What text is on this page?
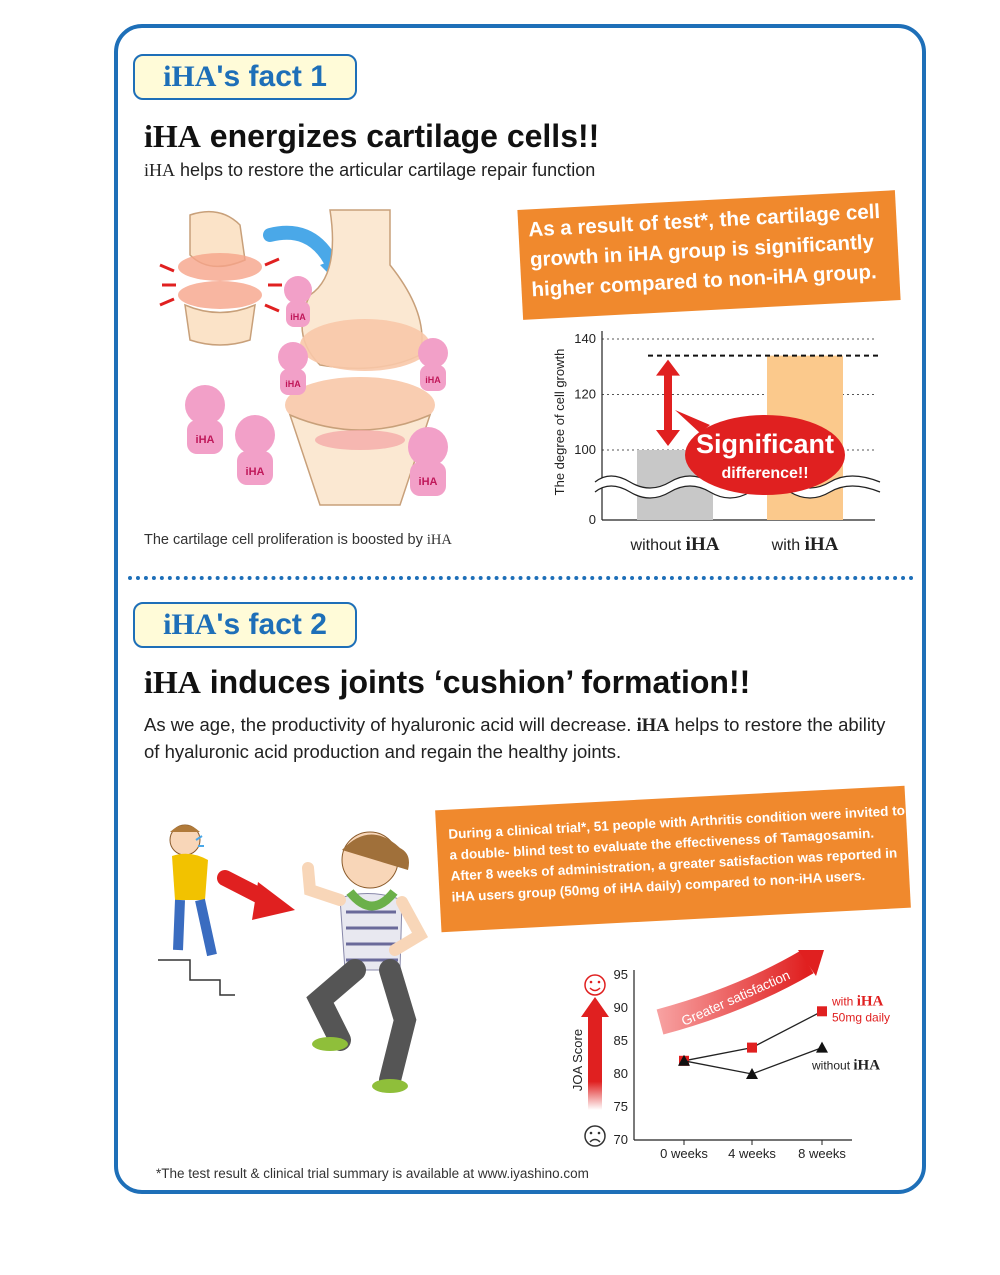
iHA 's fact 1
iHA energizes cartilage cells!!
iHA helps to restore the articular cartilage repair function
iHA
iHA	iHA
iHA
iHA
iHA
The cartilage cell proliferation is boosted by iHA
As a result of test*, the cartilage cell growth in iHA group is significantly higher compared to non-iHA group.
The degree of cell growth
0
100
120
140
without iHA	with iHA
Significant
difference!!
iHA 's fact 2
iHA induces joints ‘cushion’ formation!!
As we age, the productivity of hyaluronic acid will decrease. iHA helps to restore the ability of hyaluronic acid production and regain the healthy joints.
During a clinical trial*, 51 people with Arthritis condition were invited to a double- blind test to evaluate the effectiveness of Tamagosamin. After 8 weeks of administration, a greater satisfaction was reported in iHA users group (50mg of iHA daily) compared to non-iHA users.
JOA Score
Greater satisfaction
70
75
80
85
90
95
0 weeks 4 weeks 8 weeks
with iHA
50mg daily
without iHA
*The test result & clinical trial summary is available at www.iyashino.com
